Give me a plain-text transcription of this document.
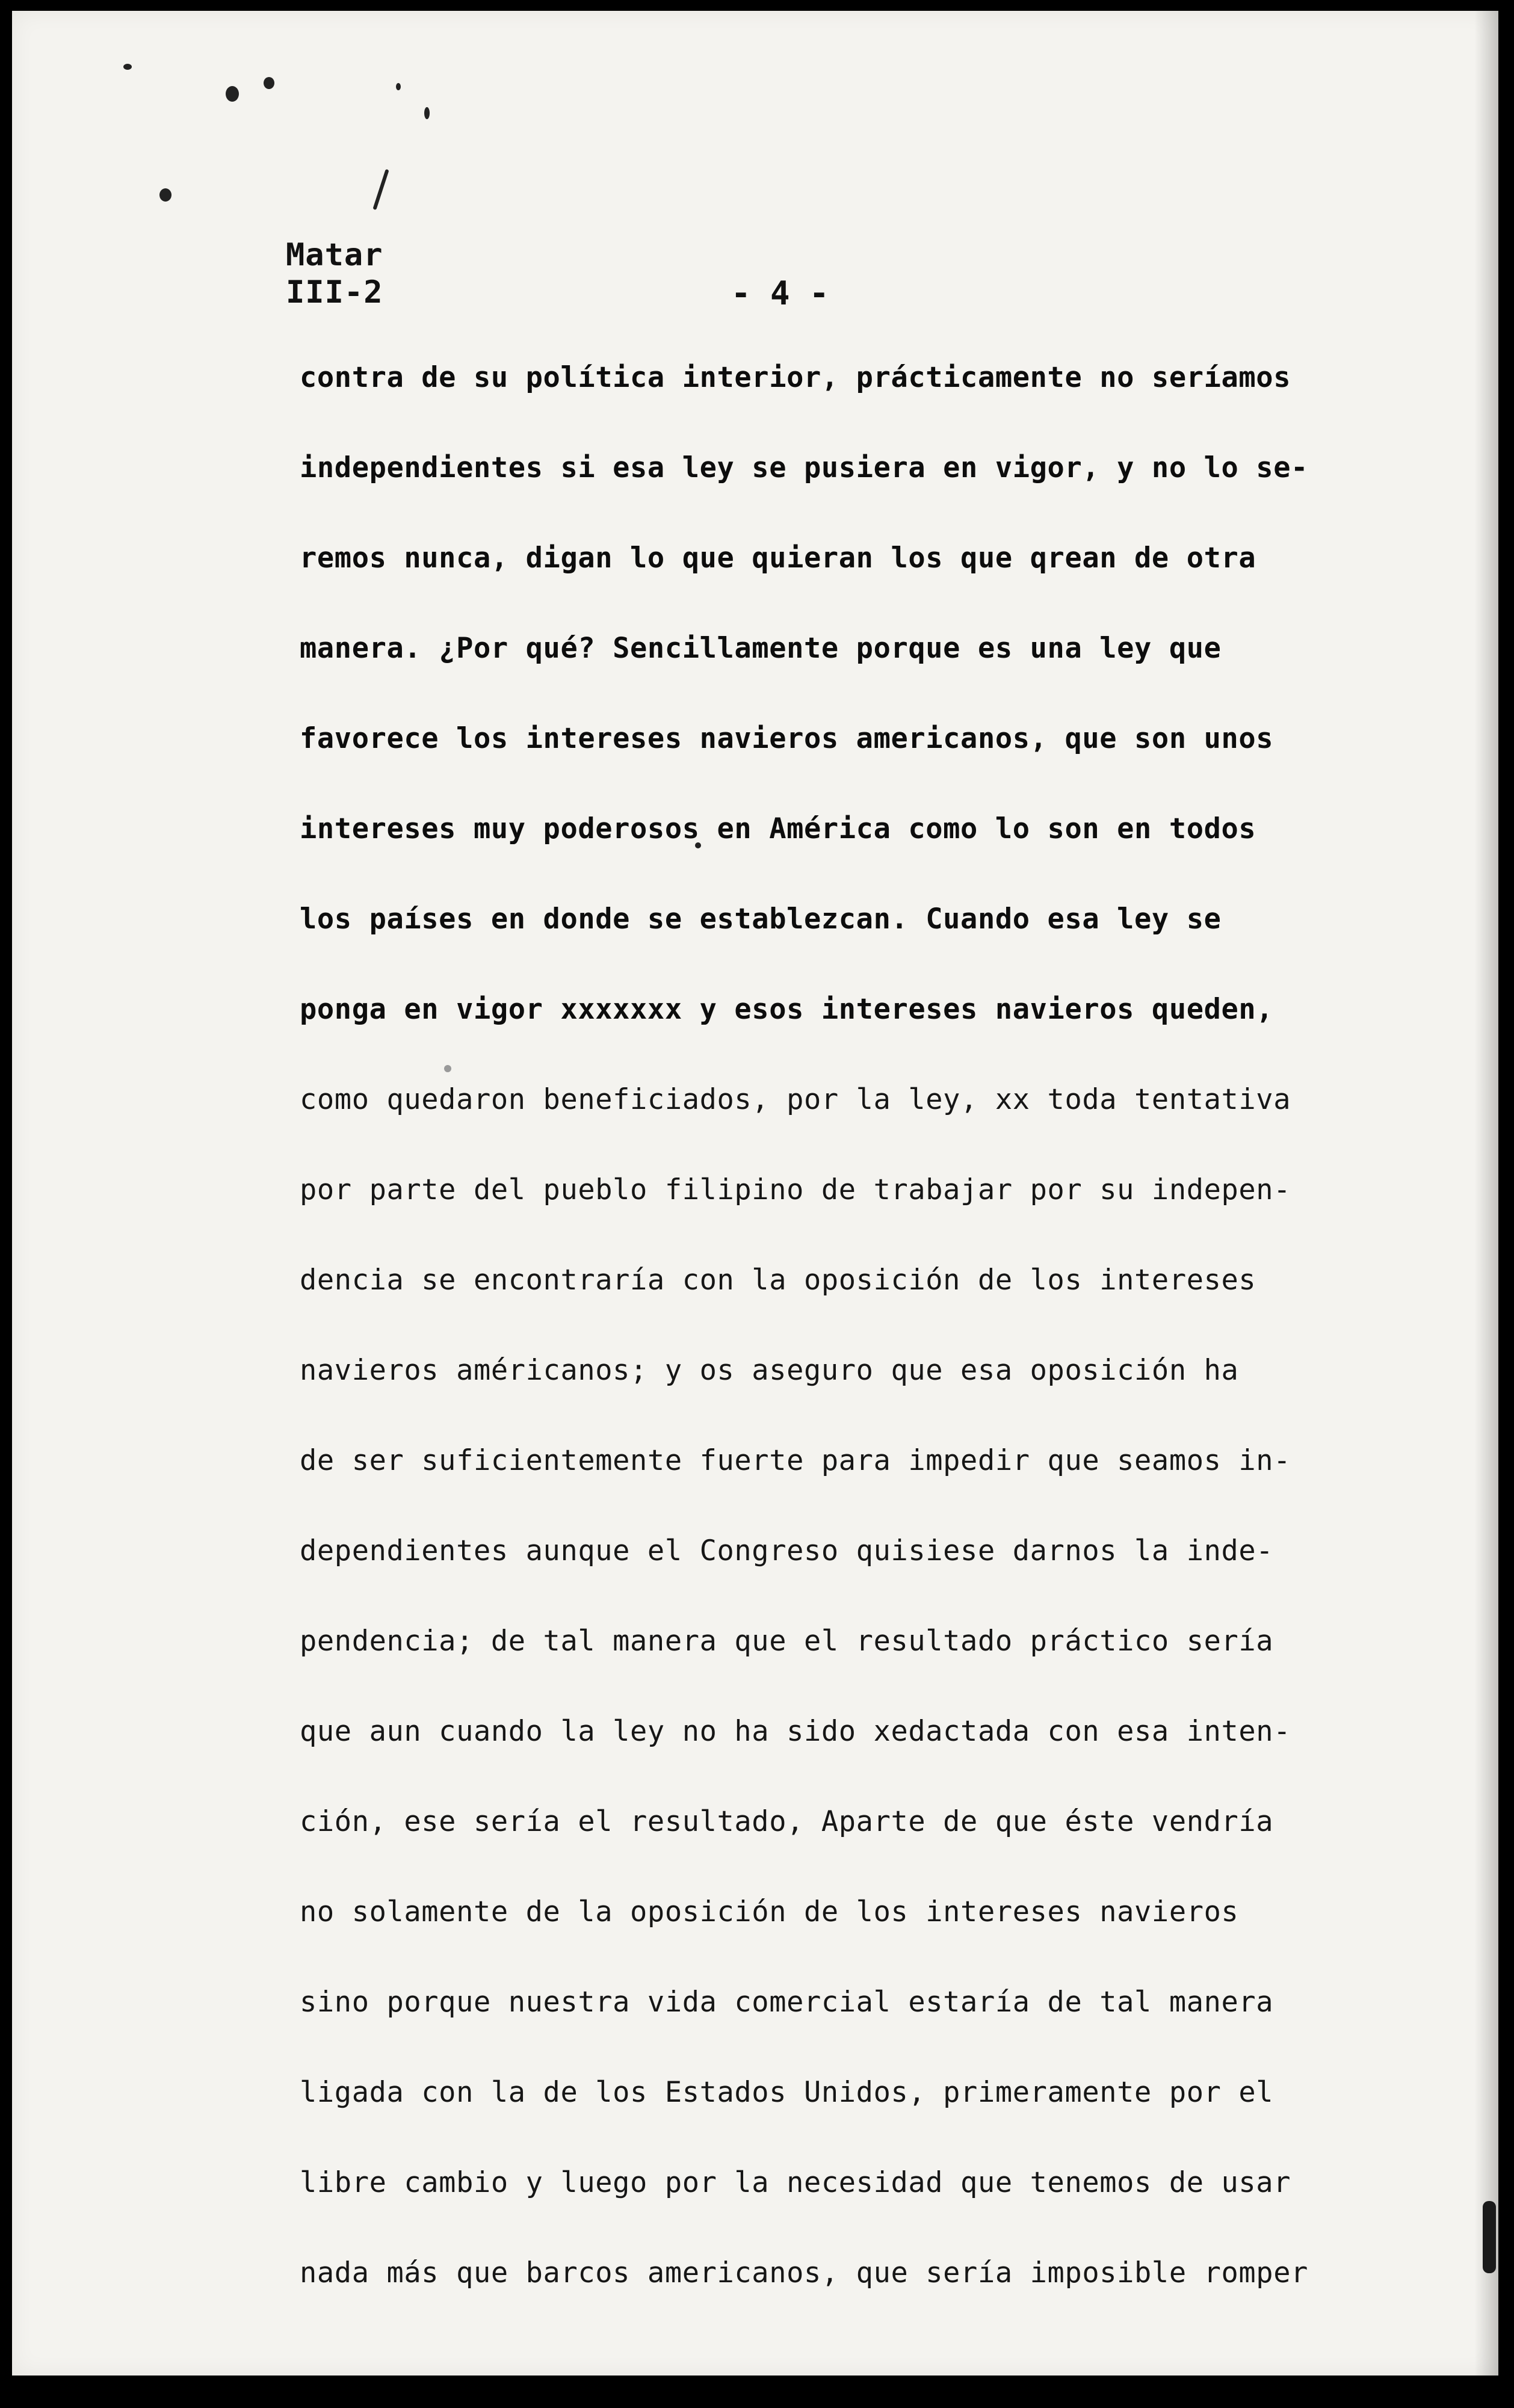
Matar
III-2	- 4 -
contra de su política interior, prácticamente no seríamos
independientes si esa ley se pusiera en vigor, y no lo se-
remos nunca, digan lo que quieran los que qrean de otra
manera. ¿Por qué? Sencillamente porque es una ley que
favorece los intereses navieros americanos, que son unos
intereses muy poderosos en América como lo son en todos
los países en donde se establezcan. Cuando esa ley se
ponga en vigor xxxxxxx y esos intereses navieros queden,
como quedaron beneficiados, por la ley, xx toda tentativa
por parte del pueblo filipino de trabajar por su indepen-
dencia se encontraría con la oposición de los intereses
navieros américanos; y os aseguro que esa oposición ha
de ser suficientemente fuerte para impedir que seamos in-
dependientes aunque el Congreso quisiese darnos la inde-
pendencia; de tal manera que el resultado práctico sería
que aun cuando la ley no ha sido xedactada con esa inten-
ción, ese sería el resultado, Aparte de que éste vendría
no solamente de la oposición de los intereses navieros
sino porque nuestra vida comercial estaría de tal manera
ligada con la de los Estados Unidos, primeramente por el
libre cambio y luego por la necesidad que tenemos de usar
nada más que barcos americanos, que sería imposible romper
